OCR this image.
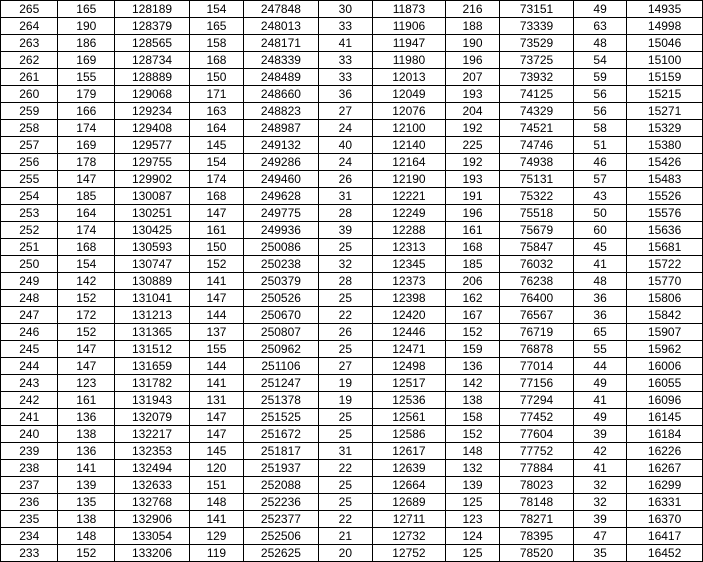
265	165	128189	154	247848	30	11873	216	73151	49	14935
264	190	128379	165	248013	33	11906	188	73339	63	14998
263	186	128565	158	248171	41	11947	190	73529	48	15046
262	169	128734	168	248339	33	11980	196	73725	54	15100
261	155	128889	150	248489	33	12013	207	73932	59	15159
260	179	129068	171	248660	36	12049	193	74125	56	15215
259	166	129234	163	248823	27	12076	204	74329	56	15271
258	174	129408	164	248987	24	12100	192	74521	58	15329
257	169	129577	145	249132	40	12140	225	74746	51	15380
256	178	129755	154	249286	24	12164	192	74938	46	15426
255	147	129902	174	249460	26	12190	193	75131	57	15483
254	185	130087	168	249628	31	12221	191	75322	43	15526
253	164	130251	147	249775	28	12249	196	75518	50	15576
252	174	130425	161	249936	39	12288	161	75679	60	15636
251	168	130593	150	250086	25	12313	168	75847	45	15681
250	154	130747	152	250238	32	12345	185	76032	41	15722
249	142	130889	141	250379	28	12373	206	76238	48	15770
248	152	131041	147	250526	25	12398	162	76400	36	15806
247	172	131213	144	250670	22	12420	167	76567	36	15842
246	152	131365	137	250807	26	12446	152	76719	65	15907
245	147	131512	155	250962	25	12471	159	76878	55	15962
244	147	131659	144	251106	27	12498	136	77014	44	16006
243	123	131782	141	251247	19	12517	142	77156	49	16055
242	161	131943	131	251378	19	12536	138	77294	41	16096
241	136	132079	147	251525	25	12561	158	77452	49	16145
240	138	132217	147	251672	25	12586	152	77604	39	16184
239	136	132353	145	251817	31	12617	148	77752	42	16226
238	141	132494	120	251937	22	12639	132	77884	41	16267
237	139	132633	151	252088	25	12664	139	78023	32	16299
236	135	132768	148	252236	25	12689	125	78148	32	16331
235	138	132906	141	252377	22	12711	123	78271	39	16370
234	148	133054	129	252506	21	12732	124	78395	47	16417
233	152	133206	119	252625	20	12752	125	78520	35	16452
